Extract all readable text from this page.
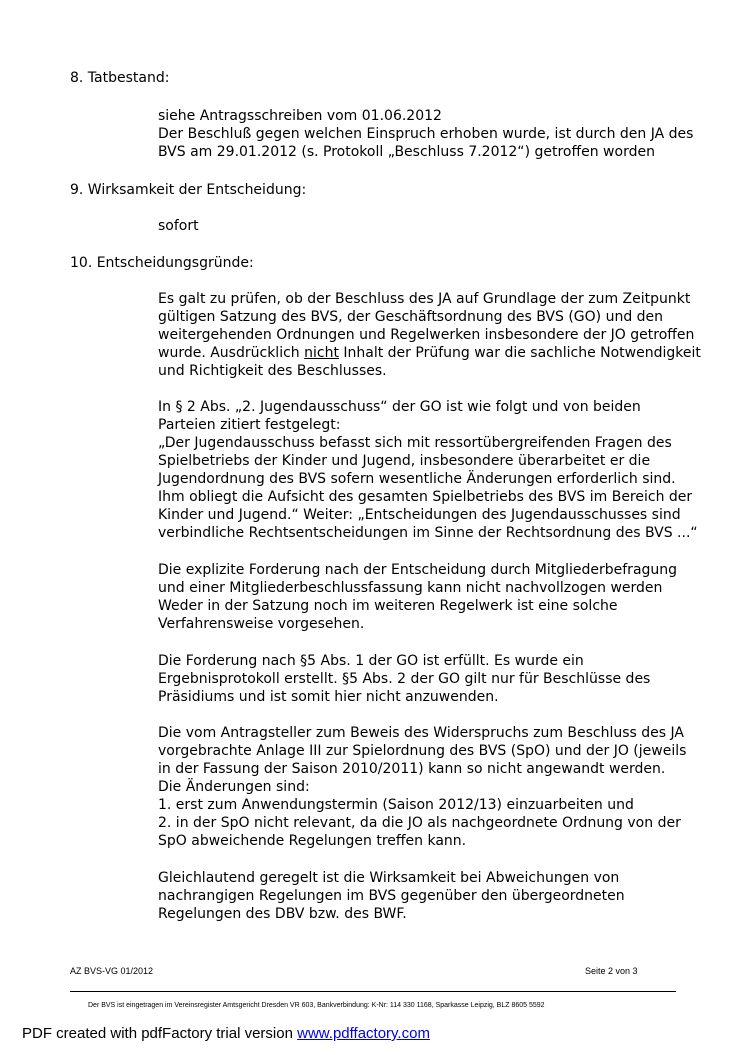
8. Tatbestand:
siehe Antragsschreiben vom 01.06.2012
Der Beschluß gegen welchen Einspruch erhoben wurde, ist durch den JA des
BVS am 29.01.2012 (s. Protokoll „Beschluss 7.2012“) getroffen worden
9. Wirksamkeit der Entscheidung:
sofort
10. Entscheidungsgründe:
Es galt zu prüfen, ob der Beschluss des JA auf Grundlage der zum Zeitpunkt
gültigen Satzung des BVS, der Geschäftsordnung des BVS (GO) und den
weitergehenden Ordnungen und Regelwerken insbesondere der JO getroffen
wurde. Ausdrücklich nicht Inhalt der Prüfung war die sachliche Notwendigkeit
und Richtigkeit des Beschlusses.
In § 2 Abs. „2. Jugendausschuss“ der GO ist wie folgt und von beiden
Parteien zitiert festgelegt:
„Der Jugendausschuss befasst sich mit ressortübergreifenden Fragen des
Spielbetriebs der Kinder und Jugend, insbesondere überarbeitet er die
Jugendordnung des BVS sofern wesentliche Änderungen erforderlich sind.
Ihm obliegt die Aufsicht des gesamten Spielbetriebs des BVS im Bereich der
Kinder und Jugend.“ Weiter: „Entscheidungen des Jugendausschusses sind
verbindliche Rechtsentscheidungen im Sinne der Rechtsordnung des BVS ...“
Die explizite Forderung nach der Entscheidung durch Mitgliederbefragung
und einer Mitgliederbeschlussfassung kann nicht nachvollzogen werden
Weder in der Satzung noch im weiteren Regelwerk ist eine solche
Verfahrensweise vorgesehen.
Die Forderung nach §5 Abs. 1 der GO ist erfüllt. Es wurde ein
Ergebnisprotokoll erstellt. §5 Abs. 2 der GO gilt nur für Beschlüsse des
Präsidiums und ist somit hier nicht anzuwenden.
Die vom Antragsteller zum Beweis des Widerspruchs zum Beschluss des JA
vorgebrachte Anlage III zur Spielordnung des BVS (SpO) und der JO (jeweils
in der Fassung der Saison 2010/2011) kann so nicht angewandt werden.
Die Änderungen sind:
1. erst zum Anwendungstermin (Saison 2012/13) einzuarbeiten und
2. in der SpO nicht relevant, da die JO als nachgeordnete Ordnung von der
SpO abweichende Regelungen treffen kann.
Gleichlautend geregelt ist die Wirksamkeit bei Abweichungen von
nachrangigen Regelungen im BVS gegenüber den übergeordneten
Regelungen des DBV bzw. des BWF.
AZ BVS-VG 01/2012	Seite 2 von 3
Der BVS ist eingetragen im Vereinsregister Amtsgericht Dresden VR 603, Bankverbindung: K-Nr: 114 330 1168, Sparkasse Leipzig, BLZ 8605 5592
PDF created with pdfFactory trial version www.pdffactory.com
